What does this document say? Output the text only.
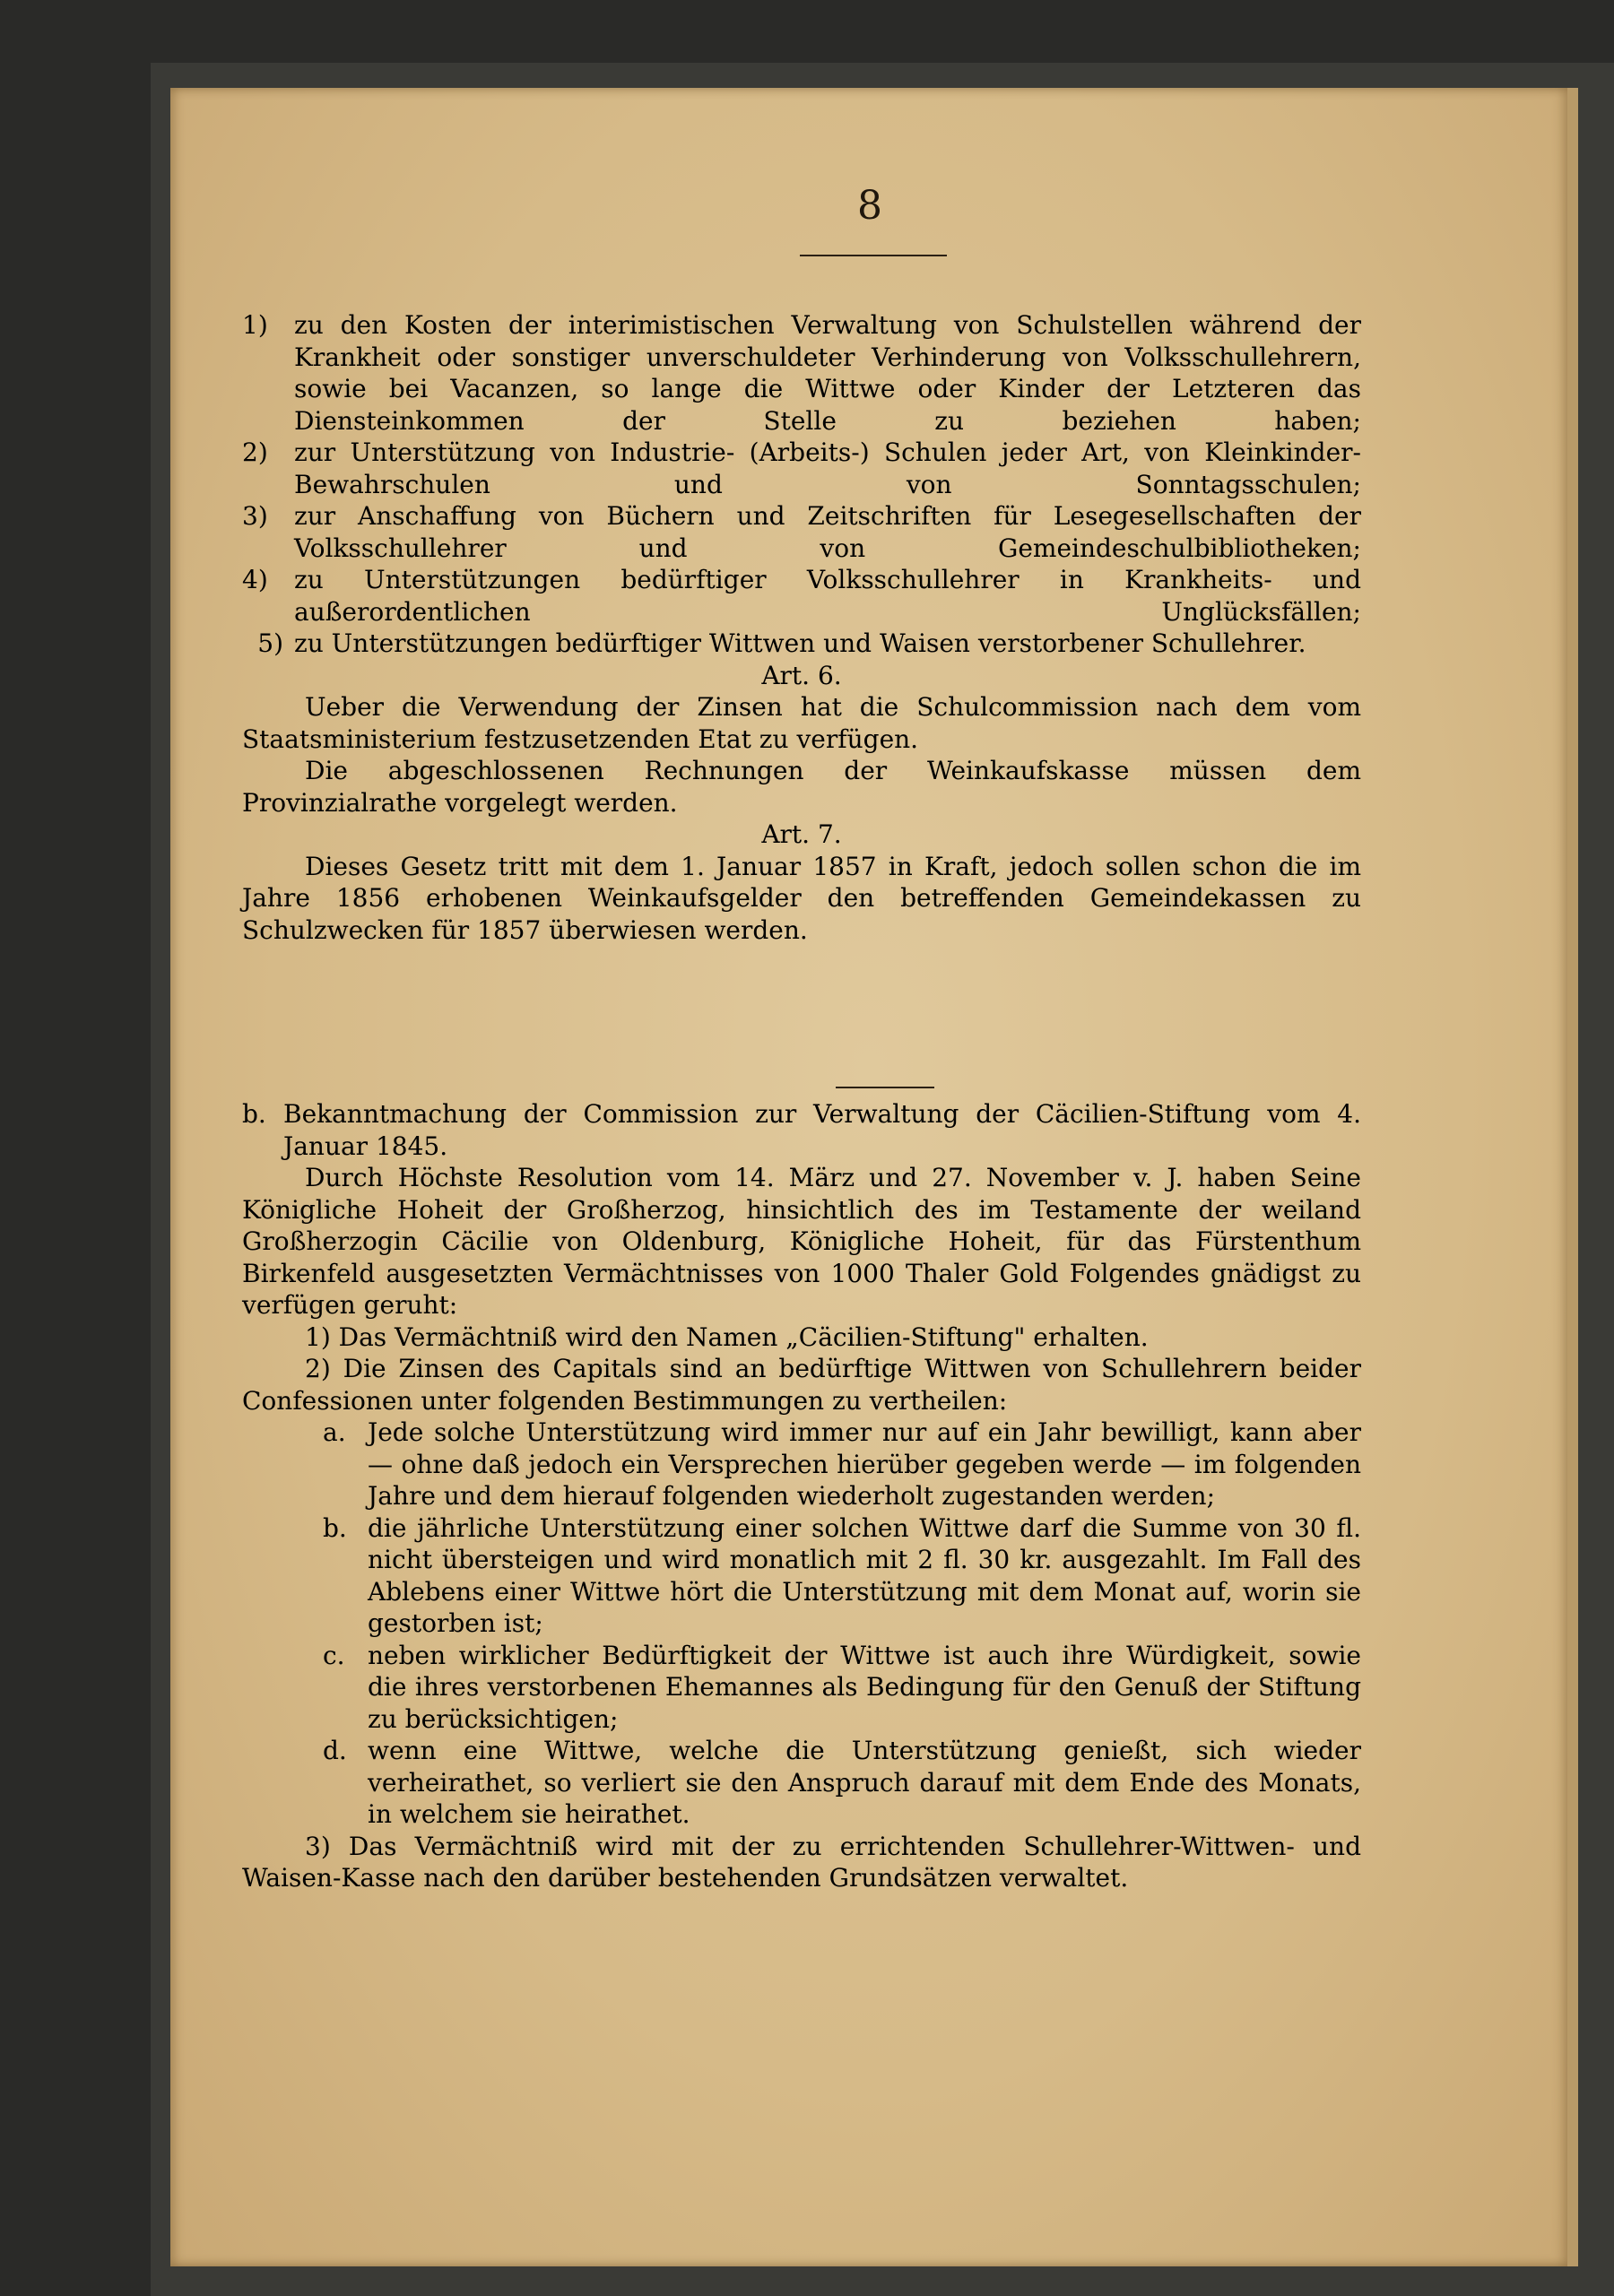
8
1)	zu den Kosten der interimistischen Verwaltung von Schulstellen während der Krankheit oder sonstiger unverschuldeter Verhinderung von Volksschullehrern, sowie bei Vacanzen, so lange die Wittwe oder Kinder der Letzteren das Diensteinkommen der Stelle zu beziehen haben;
2)	zur Unterstützung von Industrie- (Arbeits-) Schulen jeder Art, von Kleinkinder-Bewahrschulen und von Sonntagsschulen;
3)	zur Anschaffung von Büchern und Zeitschriften für Lesegesellschaften der Volksschullehrer und von Gemeindeschulbibliotheken;
4)	zu Unterstützungen bedürftiger Volksschullehrer in Krankheits- und außerordentlichen Unglücksfällen;
5) zu Unterstützungen bedürftiger Wittwen und Waisen verstorbener Schullehrer.

Art. 6.

Ueber die Verwendung der Zinsen hat die Schulcommission nach dem vom Staatsministerium festzusetzenden Etat zu verfügen.

Die abgeschlossenen Rechnungen der Weinkaufskasse müssen dem Provinzialrathe vorgelegt werden.

Art. 7.

Dieses Gesetz tritt mit dem 1. Januar 1857 in Kraft, jedoch sollen schon die im Jahre 1856 erhobenen Weinkaufsgelder den betreffenden Gemeindekassen zu Schulzwecken für 1857 überwiesen werden.

b. Bekanntmachung der Commission zur Verwaltung der Cäcilien-Stiftung vom 4. Januar 1845.

Durch Höchste Resolution vom 14. März und 27. November v. J. haben Seine Königliche Hoheit der Großherzog, hinsichtlich des im Testamente der weiland Großherzogin Cäcilie von Oldenburg, Königliche Hoheit, für das Fürstenthum Birkenfeld ausgesetzten Vermächtnisses von 1000 Thaler Gold Folgendes gnädigst zu verfügen geruht:

1) Das Vermächtniß wird den Namen „Cäcilien-Stiftung" erhalten.

2) Die Zinsen des Capitals sind an bedürftige Wittwen von Schullehrern beider Confessionen unter folgenden Bestimmungen zu vertheilen:

a. Jede solche Unterstützung wird immer nur auf ein Jahr bewilligt, kann aber — ohne daß jedoch ein Versprechen hierüber gegeben werde — im folgenden Jahre und dem hierauf folgenden wiederholt zugestanden werden;
b. die jährliche Unterstützung einer solchen Wittwe darf die Summe von 30 fl. nicht übersteigen und wird monatlich mit 2 fl. 30 kr. ausgezahlt. Im Fall des Ablebens einer Wittwe hört die Unterstützung mit dem Monat auf, worin sie gestorben ist;
c. neben wirklicher Bedürftigkeit der Wittwe ist auch ihre Würdigkeit, sowie die ihres verstorbenen Ehemannes als Bedingung für den Genuß der Stiftung zu berücksichtigen;
d. wenn eine Wittwe, welche die Unterstützung genießt, sich wieder verheirathet, so verliert sie den Anspruch darauf mit dem Ende des Monats, in welchem sie heirathet.

3) Das Vermächtniß wird mit der zu errichtenden Schullehrer-Wittwen- und Waisen-Kasse nach den darüber bestehenden Grundsätzen verwaltet.
